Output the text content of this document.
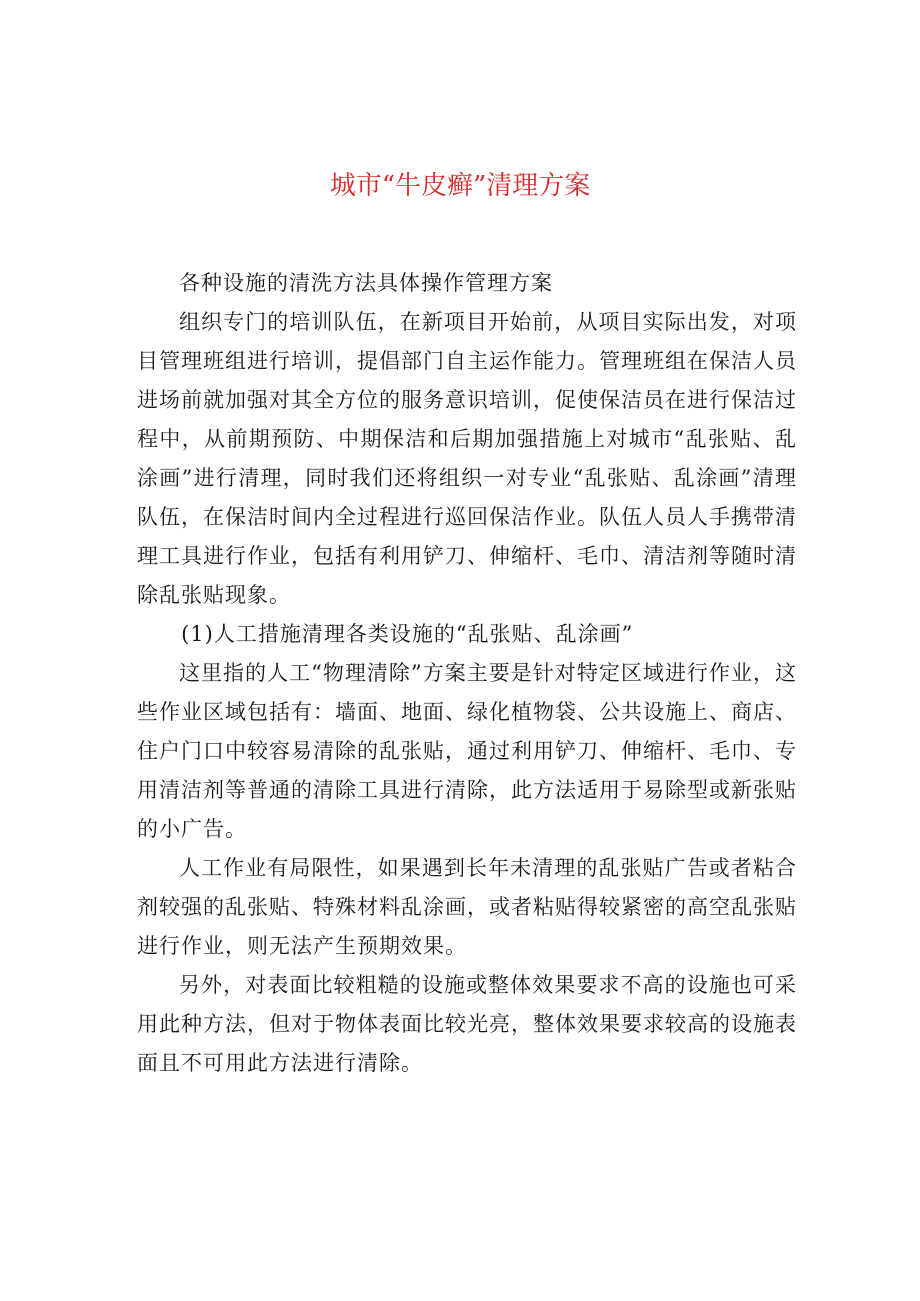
城市“牛皮癣”清理方案

各种设施的清洗方法具体操作管理方案

组织专门的培训队伍，在新项目开始前，从项目实际出发，对项目管理班组进行培训，提倡部门自主运作能力。管理班组在保洁人员进场前就加强对其全方位的服务意识培训，促使保洁员在进行保洁过程中，从前期预防、中期保洁和后期加强措施上对城市“乱张贴、乱涂画”进行清理，同时我们还将组织一对专业“乱张贴、乱涂画”清理队伍，在保洁时间内全过程进行巡回保洁作业。队伍人员人手携带清理工具进行作业，包括有利用铲刀、伸缩杆、毛巾、清洁剂等随时清除乱张贴现象。

(1)人工措施清理各类设施的“乱张贴、乱涂画”

这里指的人工“物理清除”方案主要是针对特定区域进行作业，这些作业区域包括有：墙面、地面、绿化植物袋、公共设施上、商店、住户门口中较容易清除的乱张贴，通过利用铲刀、伸缩杆、毛巾、专用清洁剂等普通的清除工具进行清除，此方法适用于易除型或新张贴的小广告。

人工作业有局限性，如果遇到长年未清理的乱张贴广告或者粘合剂较强的乱张贴、特殊材料乱涂画，或者粘贴得较紧密的高空乱张贴进行作业，则无法产生预期效果。

另外，对表面比较粗糙的设施或整体效果要求不高的设施也可采用此种方法，但对于物体表面比较光亮，整体效果要求较高的设施表面且不可用此方法进行清除。
